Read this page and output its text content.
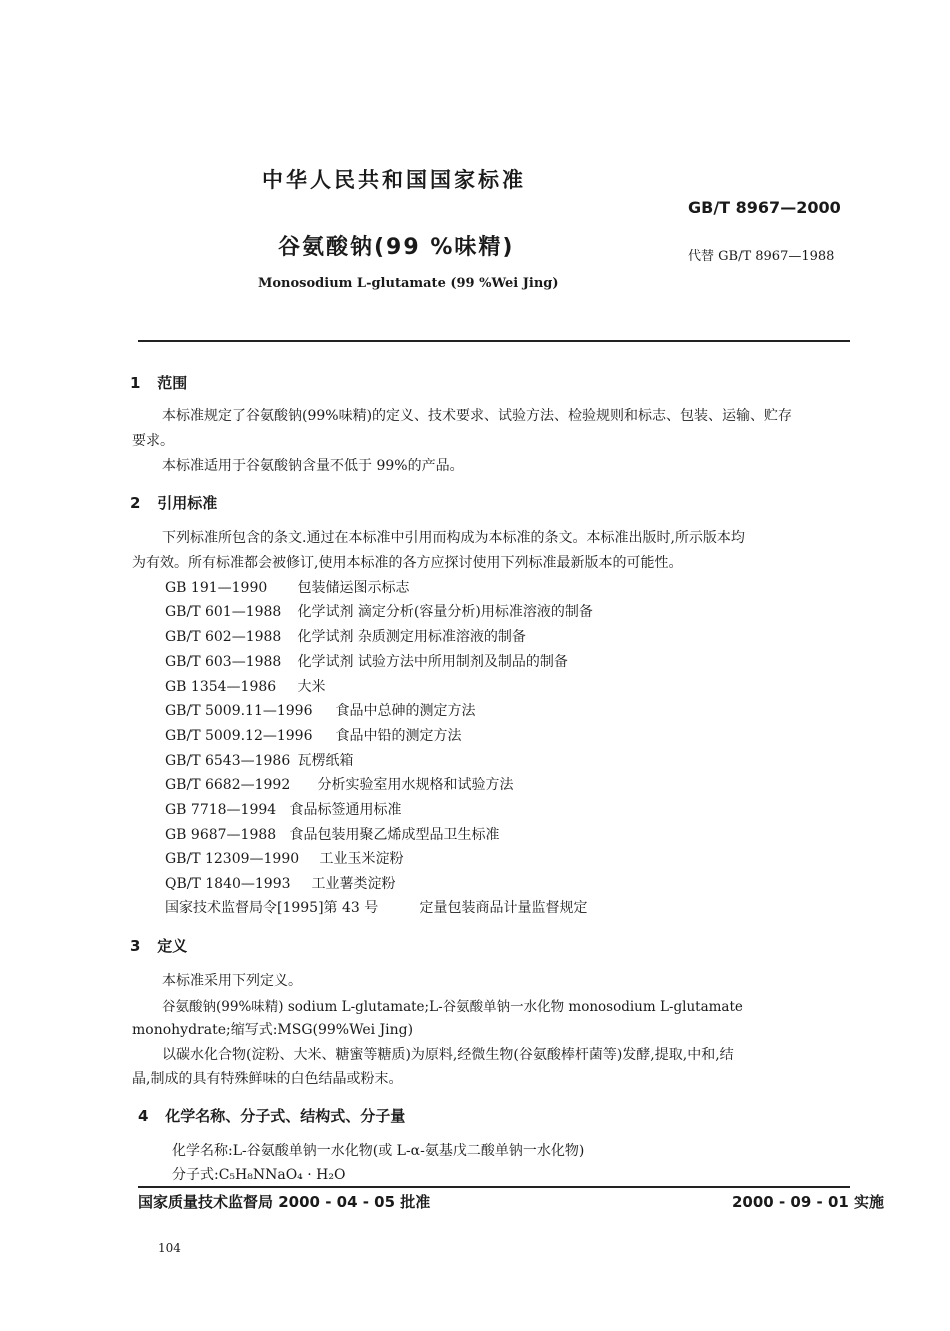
中华人民共和国国家标准
GB/T 8967—2000
谷氨酸钠(99 %味精)	代替 GB/T 8967—1988
Monosodium L-glutamate (99 %Wei Jing)
1 范围
本标准规定了谷氨酸钠(99%味精)的定义、技术要求、试验方法、检验规则和标志、包装、运输、贮存
要求。
本标准适用于谷氨酸钠含量不低于 99%的产品。
2 引用标准
下列标准所包含的条文.通过在本标准中引用而构成为本标准的条文。本标准出版时,所示版本均
为有效。所有标准都会被修订,使用本标准的各方应探讨使用下列标准最新版本的可能性。
GB 191—1990 包装储运图示标志
GB/T 601—1988 化学试剂 滴定分析(容量分析)用标准溶液的制备
GB/T 602—1988 化学试剂 杂质测定用标准溶液的制备
GB/T 603—1988 化学试剂 试验方法中所用制剂及制品的制备
GB 1354—1986 大米
GB/T 5009.11—1996 食品中总砷的测定方法
GB/T 5009.12—1996 食品中铅的测定方法
GB/T 6543—1986 瓦楞纸箱
GB/T 6682—1992 分析实验室用水规格和试验方法
GB 7718—1994 食品标签通用标准
GB 9687—1988 食品包装用聚乙烯成型品卫生标准
GB/T 12309—1990 工业玉米淀粉
QB/T 1840—1993 工业薯类淀粉
国家技术监督局令[1995]第 43 号	定量包装商品计量监督规定
3 定义
本标准采用下列定义。
谷氨酸钠(99%味精) sodium L-glutamate;L-谷氨酸单钠一水化物 monosodium L-glutamate
monohydrate;缩写式:MSG(99%Wei Jing)
以碳水化合物(淀粉、大米、糖蜜等糖质)为原料,经微生物(谷氨酸棒杆菌等)发酵,提取,中和,结
晶,制成的具有特殊鲜味的白色结晶或粉末。
4 化学名称、分子式、结构式、分子量
化学名称:L-谷氨酸单钠一水化物(或 L-α-氨基戊二酸单钠一水化物)
分子式:C₅H₈NNaO₄ · H₂O
国家质量技术监督局 2000 - 04 - 05 批准	2000 - 09 - 01 实施
104
